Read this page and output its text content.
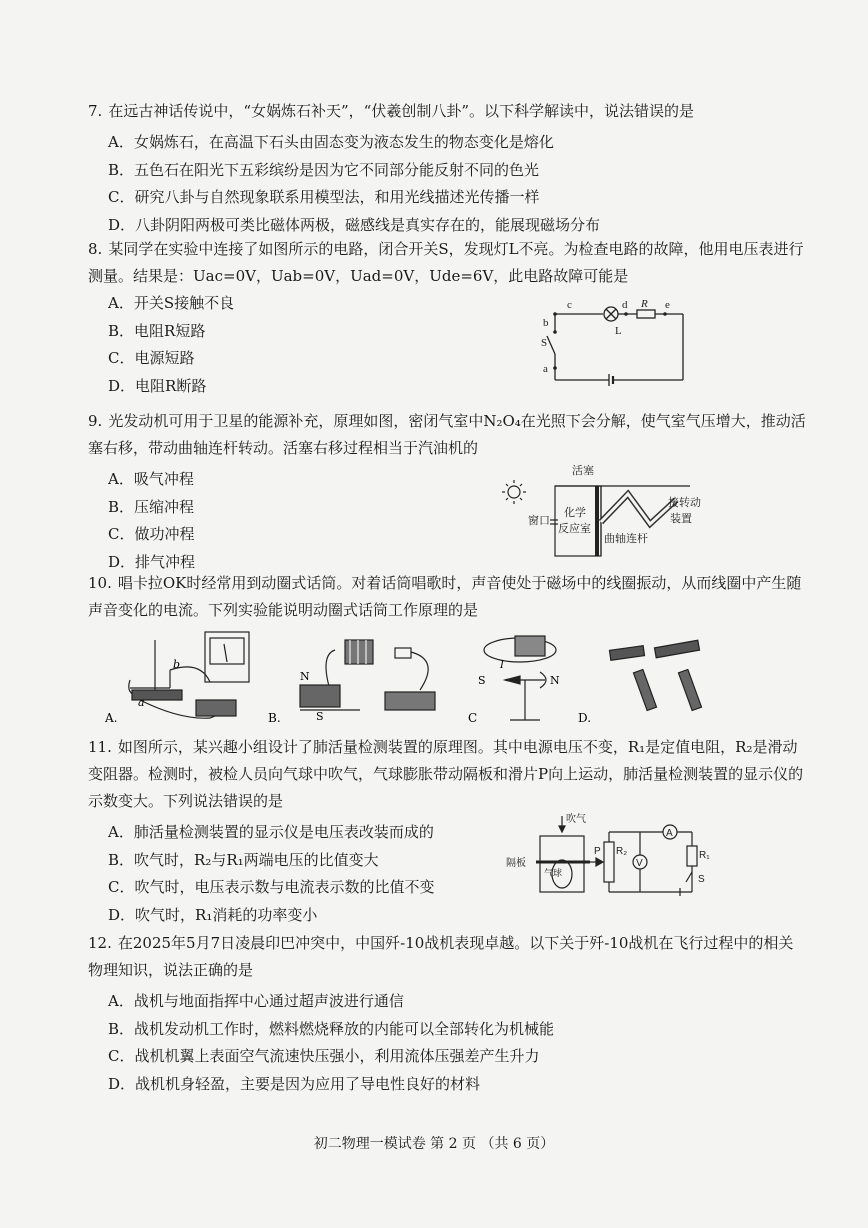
7. 在远古神话传说中，“女娲炼石补天”，“伏羲创制八卦”。以下科学解读中，说法错误的是

A．女娲炼石，在高温下石头由固态变为液态发生的物态变化是熔化

B．五色石在阳光下五彩缤纷是因为它不同部分能反射不同的色光

C．研究八卦与自然现象联系用模型法，和用光线描述光传播一样

D．八卦阴阳两极可类比磁体两极，磁感线是真实存在的，能展现磁场分布

8. 某同学在实验中连接了如图所示的电路，闭合开关S，发现灯L不亮。为检查电路的故障，他用电压表进行测量。结果是：Uac=0V，Uab=0V，Uad=0V，Ude=6V，此电路故障可能是

A．开关S接触不良

B．电阻R短路

C．电源短路

D．电阻R断路

c	d R e
b
L
S
a

9. 光发动机可用于卫星的能源补充，原理如图，密闭气室中N₂O₄在光照下会分解，使气室气压增大，推动活塞右移，带动曲轴连杆转动。活塞右移过程相当于汽油机的

A．吸气冲程

B．压缩冲程

C．做功冲程

D．排气冲程

活塞
窗口
化学
反应室
曲轴连杆
接转动
装置

10. 唱卡拉OK时经常用到动圈式话筒。对着话筒唱歌时，声音使处于磁场中的线圈振动，从而线圈中产生随声音变化的电流。下列实验能说明动圈式话筒工作原理的是

A.
b
a
B.
N
S	C
I
S	N
D.

11. 如图所示，某兴趣小组设计了肺活量检测装置的原理图。其中电源电压不变，R₁是定值电阻，R₂是滑动变阻器。检测时，被检人员向气球中吹气，气球膨胀带动隔板和滑片P向上运动，肺活量检测装置的显示仪的示数变大。下列说法错误的是

A．肺活量检测装置的显示仪是电压表改装而成的

B．吹气时，R₂与R₁两端电压的比值变大

C．吹气时，电压表示数与电流表示数的比值不变

D．吹气时，R₁消耗的功率变小

吹气
P R₂
A
R₁
V
S
隔板
气球

12. 在2025年5月7日凌晨印巴冲突中，中国歼-10战机表现卓越。以下关于歼-10战机在飞行过程中的相关物理知识，说法正确的是

A．战机与地面指挥中心通过超声波进行通信

B．战机发动机工作时，燃料燃烧释放的内能可以全部转化为机械能

C．战机机翼上表面空气流速快压强小，利用流体压强差产生升力

D．战机机身轻盈，主要是因为应用了导电性良好的材料

初二物理一模试卷 第 2 页 （共 6 页）
